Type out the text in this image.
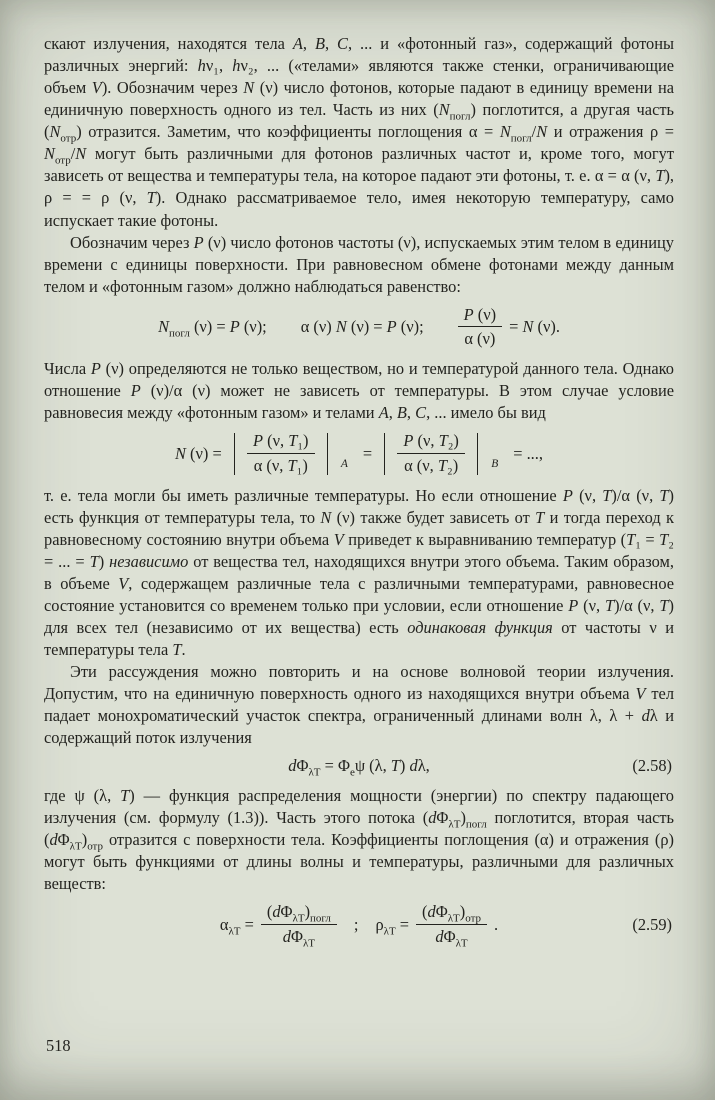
скают излучения, находятся тела А, В, С, ... и «фотонный газ», содержащий фотоны различных энергий: hν₁, hν₂, ... («телами» являются также стенки, ограничивающие объем V). Обозначим через N (ν) число фотонов, которые падают в единицу времени на единичную поверхность одного из тел. Часть из них $(N_{погл})$ поглотится, а другая часть $(N_{отр})$ отразится. Заметим, что коэффициенты поглощения $\alpha = N_{погл}/N$ и отражения $\rho = N_{отр}/N$ могут быть различными для фотонов различных частот и, кроме того, могут зависеть от вещества и температуры тела, на которое падают эти фотоны, т. е. α = α (ν, T), ρ = = ρ (ν, T). Однако рассматриваемое тело, имея некоторую температуру, само испускает такие фотоны.

Обозначим через P (ν) число фотонов частоты (ν), испускаемых этим телом в единицу времени с единицы поверхности. При равновесном обмене фотонами между данным телом и «фотонным газом» должно наблюдаться равенство:

$N_{погл}$ (ν) = P (ν); α (ν) N (ν) = P (ν); $\frac{P (\nu)}{\alpha (\nu)} = N$ (ν).

Числа P (ν) определяются не только веществом, но и температурой данного тела. Однако отношение P (ν)/α (ν) может не зависеть от температуры. В этом случае условие равновесия между «фотонным газом» и телами А, В, С, ... имело бы вид

N $(\nu) = \frac{\text{P (ν, T₁)}}{\text{α (ν, T₁)}}$ A
= $\frac{\text{P (ν, T₂)}}{\text{α (ν, T₂)}}$ B
= ...,

т. е. тела могли бы иметь различные температуры. Но если отношение P (ν, T)/α (ν, T) есть функция от температуры тела, то N (ν) также будет зависеть от T и тогда переход к равновесному состоянию внутри объема V приведет к выравниванию температур (T₁ = T₂ = ... = T) независимо от вещества тел, находящихся внутри этого объема. Таким образом, в объеме V, содержащем различные тела с различными температурами, равновесное состояние установится со временем только при условии, если отношение P (ν, T)/α (ν, T) для всех тел (независимо от их вещества) есть одинаковая функция от частоты ν и температуры тела T.

Эти рассуждения можно повторить и на основе волновой теории излучения. Допустим, что на единичную поверхность одного из находящихся внутри объема V тел падает монохроматический участок спектра, ограниченный длинами волн λ, λ + dλ и содержащий поток излучения

$d\Phi_{\lambda T} = \Phi_e\psi$ (λ, T) dλ,	(2.58)

где ψ (λ, T) — функция распределения мощности (энергии) по спектру падающего излучения (см. формулу (1.3)). Часть этого потока $(d\Phi_{\lambda T})_{погл}$ поглотится, вторая часть $(d\Phi_{\lambda T})_{отр}$ отразится с поверхности тела. Коэффициенты поглощения (α) и отражения (ρ) могут быть функциями от длины волны и температуры, различными для различных веществ:

$\alpha_{\lambda T} = \frac{(d\Phi_{\lambda T})_{погл}}{d\Phi_{\lambda T}}$ ; $\rho_{\lambda T} = \frac{(d\Phi_{\lambda T})_{отр}}{d\Phi_{\lambda T}}$ .	(2.59)
518
